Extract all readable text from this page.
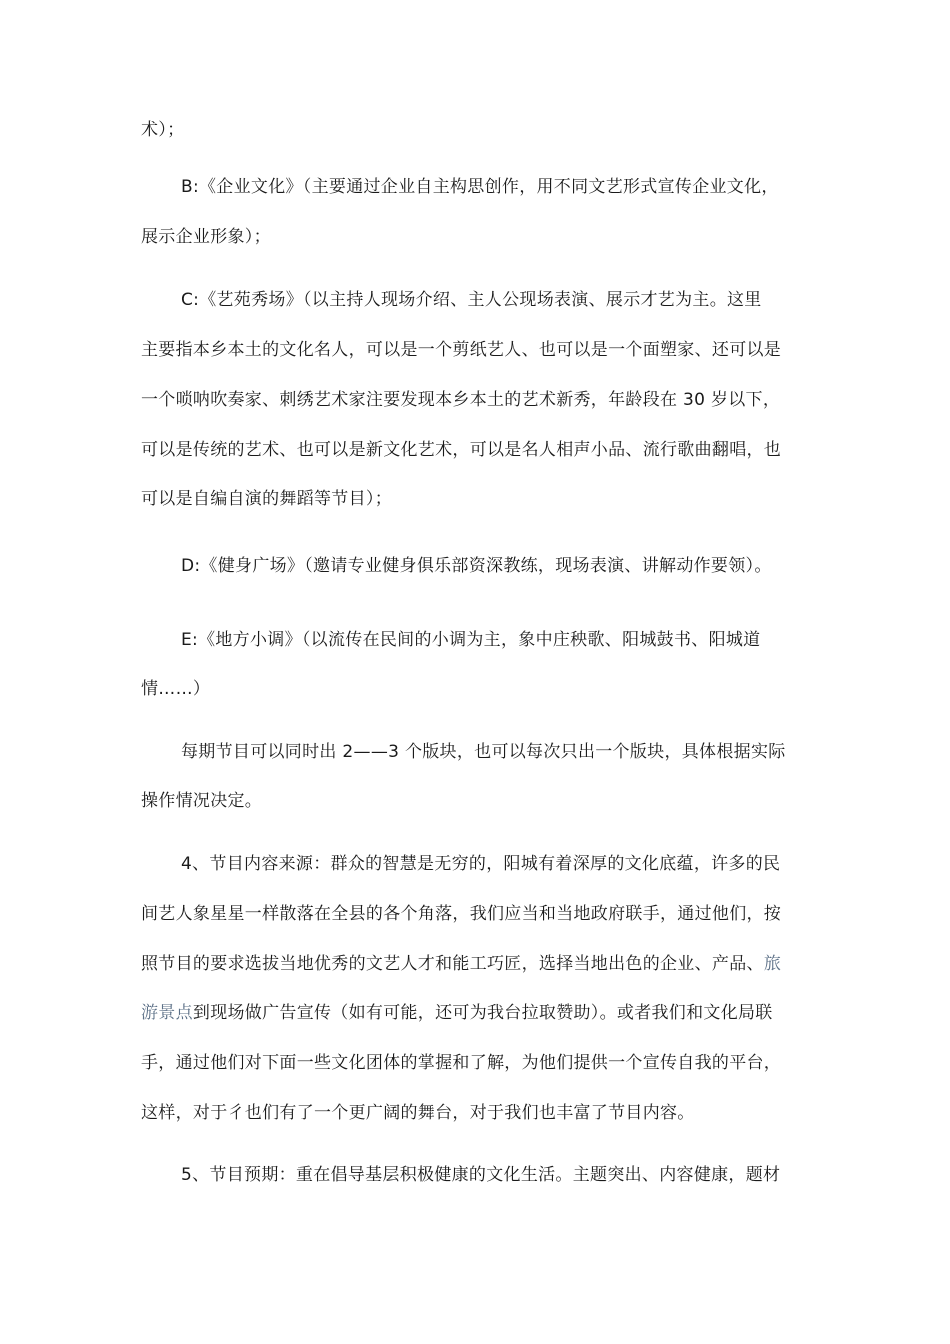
术）；
B:《企业文化》（主要通过企业自主构思创作，用不同文艺形式宣传企业文化，
展示企业形象）；
C:《艺苑秀场》（以主持人现场介绍、主人公现场表演、展示才艺为主。这里
主要指本乡本土的文化名人，可以是一个剪纸艺人、也可以是一个面塑家、还可以是
一个唢呐吹奏家、刺绣艺术家注要发现本乡本土的艺术新秀，年龄段在 30 岁以下，
可以是传统的艺术、也可以是新文化艺术，可以是名人相声小品、流行歌曲翻唱，也
可以是自编自演的舞蹈等节目）；
D:《健身广场》（邀请专业健身俱乐部资深教练，现场表演、讲解动作要领）。
E:《地方小调》（以流传在民间的小调为主，象中庄秧歌、阳城鼓书、阳城道
情……）
每期节目可以同时出 2——3 个版块，也可以每次只出一个版块，具体根据实际
操作情况决定。
4、节目内容来源：群众的智慧是无穷的，阳城有着深厚的文化底蕴，许多的民
间艺人象星星一样散落在全县的各个角落，我们应当和当地政府联手，通过他们，按
照节目的要求选拔当地优秀的文艺人才和能工巧匠，选择当地出色的企业、产品、旅
游景点到现场做广告宣传（如有可能，还可为我台拉取赞助）。或者我们和文化局联
手，通过他们对下面一些文化团体的掌握和了解，为他们提供一个宣传自我的平台，
这样，对于彳也们有了一个更广阔的舞台，对于我们也丰富了节目内容。
5、节目预期：重在倡导基层积极健康的文化生活。主题突出、内容健康，题材
